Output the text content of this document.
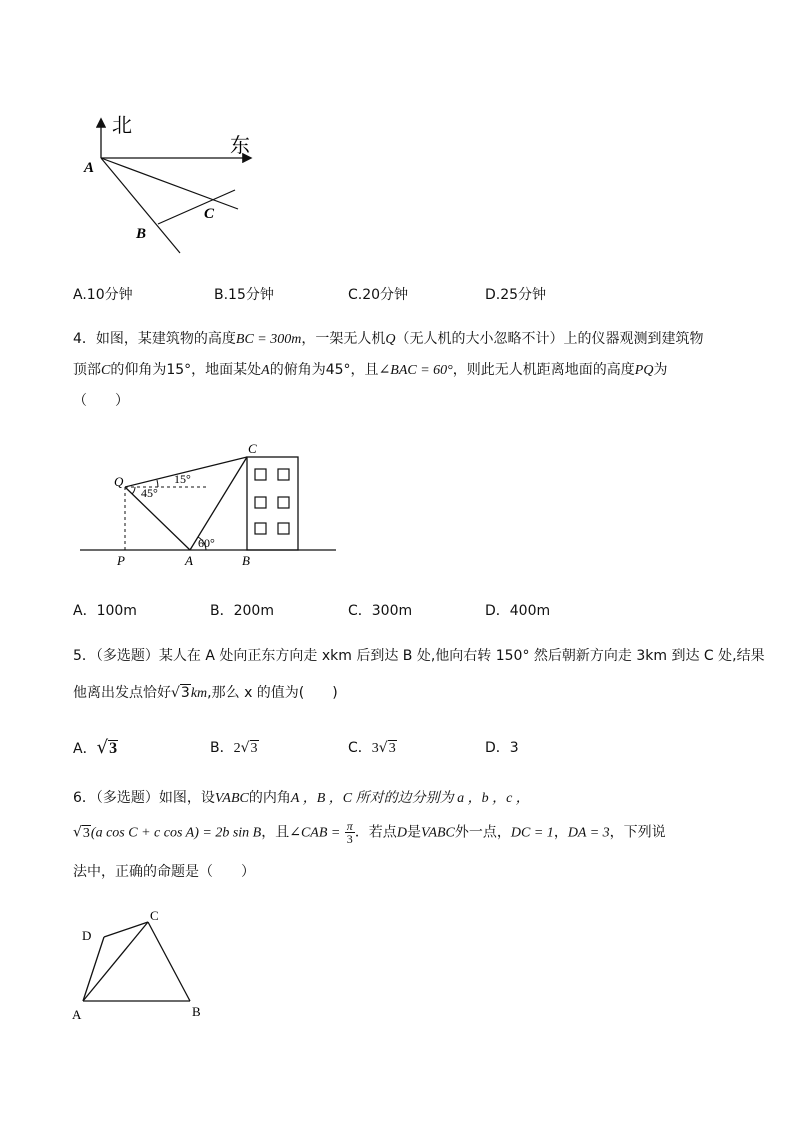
北
东
A
B
C
A.10分钟	B.15分钟	C.20分钟	D.25分钟
4．如图，某建筑物的高度BC = 300m，一架无人机Q（无人机的大小忽略不计）上的仪器观测到建筑物
顶部C的仰角为15°，地面某处A的俯角为45°，且∠BAC = 60°，则此无人机距离地面的高度PQ为
（　　）
Q
C
P	A	B
15°
45°
60°
A．100m	B．200m	C．300m	D．400m
5．（多选题）某人在 A 处向正东方向走 xkm 后到达 B 处,他向右转 150° 然后朝新方向走 3km 到达 C 处,结果
他离出发点恰好√3km,那么 x 的值为(　　)
A．√3	B．2√3	C．3√3	D．3
6．（多选题）如图，设VABC的内角A ，B ，C 所对的边分别为 a ，b ，c ，
√3(a cos C + c cos A) = 2b sin B，且∠CAB = $\frac{\pi}{3}$ ．若点D是VABC外一点，DC = 1，DA = 3，下列说
法中，正确的命题是（　　）
D
C
A	B
